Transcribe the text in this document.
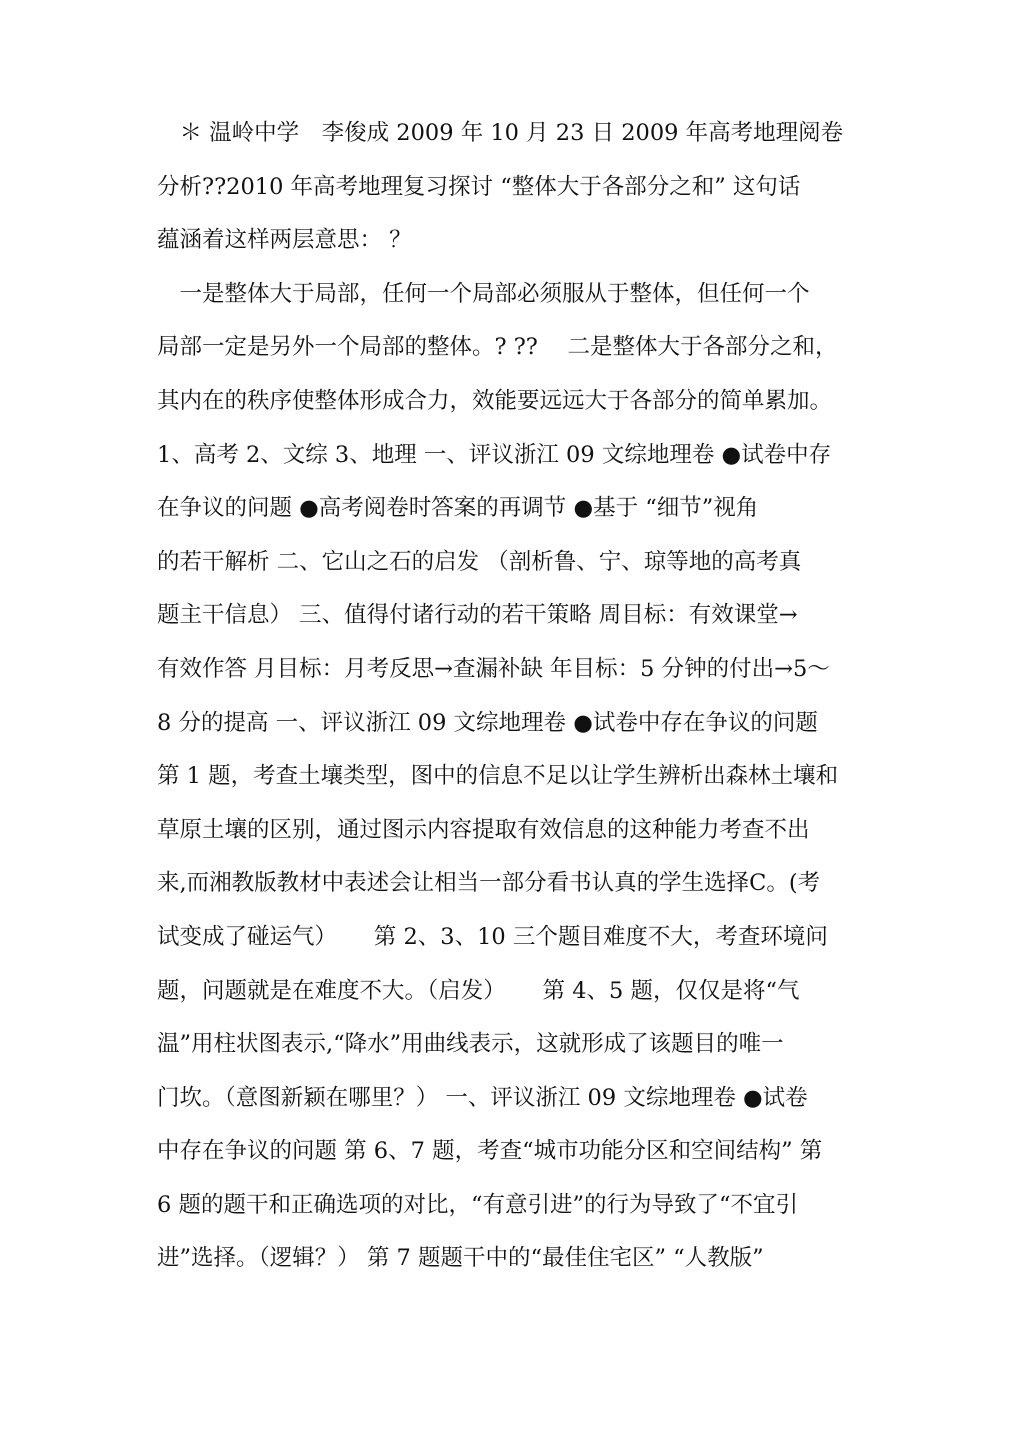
　＊ 温岭中学　李俊成 2009 年 10 月 23 日 2009 年高考地理阅卷
分析??2010 年高考地理复习探讨 “整体大于各部分之和” 这句话
蕴涵着这样两层意思： ？
　一是整体大于局部，任何一个局部必须服从于整体，但任何一个
局部一定是另外一个局部的整体。? ??　 二是整体大于各部分之和，
其内在的秩序使整体形成合力，效能要远远大于各部分的简单累加。
1、高考 2、文综 3、地理 一、评议浙江 09 文综地理卷 ●试卷中存
在争议的问题 ●高考阅卷时答案的再调节 ●基于 “细节”视角
的若干解析 二、它山之石的启发 （剖析鲁、宁、琼等地的高考真
题主干信息） 三、值得付诸行动的若干策略 周目标：有效课堂→
有效作答 月目标：月考反思→查漏补缺 年目标：5 分钟的付出→5～
8 分的提高 一、评议浙江 09 文综地理卷 ●试卷中存在争议的问题
第 1 题，考查土壤类型，图中的信息不足以让学生辨析出森林土壤和
草原土壤的区别，通过图示内容提取有效信息的这种能力考查不出
来,而湘教版教材中表述会让相当一部分看书认真的学生选择C。(考
试变成了碰运气） 　 第 2、3、10 三个题目难度不大，考查环境问
题，问题就是在难度不大。（启发） 　 第 4、5 题，仅仅是将“气
温”用柱状图表示,“降水”用曲线表示，这就形成了该题目的唯一
门坎。（意图新颖在哪里？） 一、评议浙江 09 文综地理卷 ●试卷
中存在争议的问题 第 6、7 题，考查“城市功能分区和空间结构” 第
6 题的题干和正确选项的对比，“有意引进”的行为导致了“不宜引
进”选择。（逻辑？） 第 7 题题干中的“最佳住宅区” “人教版”
